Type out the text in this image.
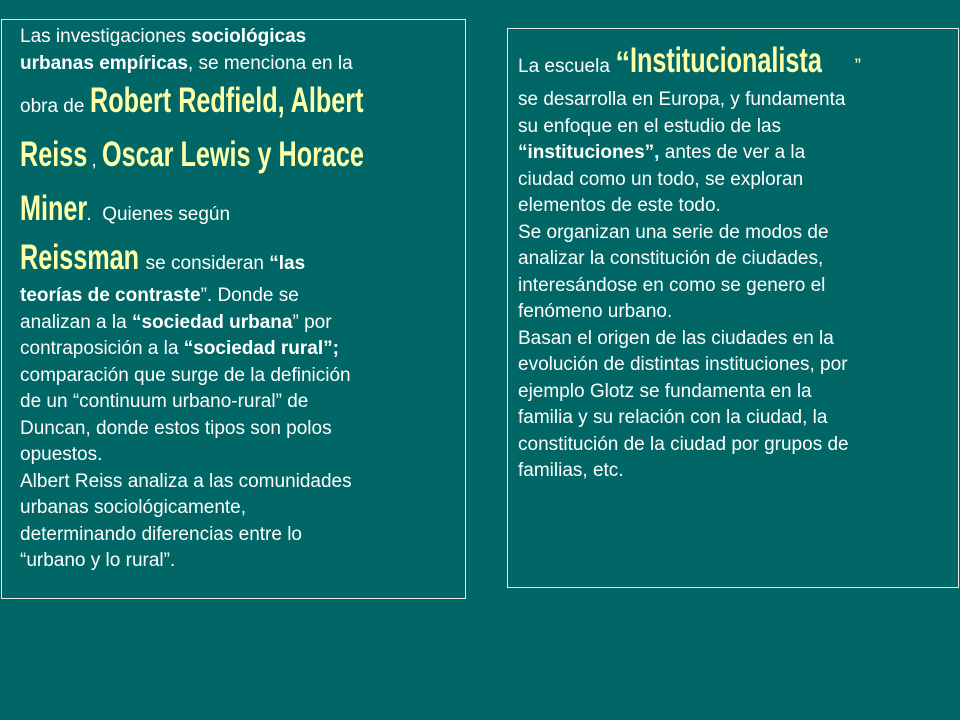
Las investigaciones sociológicas

urbanas empíricas, se menciona en la

obra de Robert Redfield, Albert

Reiss , Oscar Lewis y Horace

Miner. Quienes según

Reissman se consideran “las

teorías de contraste”. Donde se

analizan a la “sociedad urbana” por

contraposición a la “sociedad rural”;

comparación que surge de la definición

de un “continuum urbano-rural” de

Duncan, donde estos tipos son polos

opuestos.

Albert Reiss analiza a las comunidades

urbanas sociológicamente,

determinando diferencias entre lo

“urbano y lo rural”.

La escuela “Institucionalista ”

se desarrolla en Europa, y fundamenta

su enfoque en el estudio de las

“instituciones”, antes de ver a la

ciudad como un todo, se exploran

elementos de este todo.

Se organizan una serie de modos de

analizar la constitución de ciudades,

interesándose en como se genero el

fenómeno urbano.

Basan el origen de las ciudades en la

evolución de distintas instituciones, por

ejemplo Glotz se fundamenta en la

familia y su relación con la ciudad, la

constitución de la ciudad por grupos de

familias, etc.
